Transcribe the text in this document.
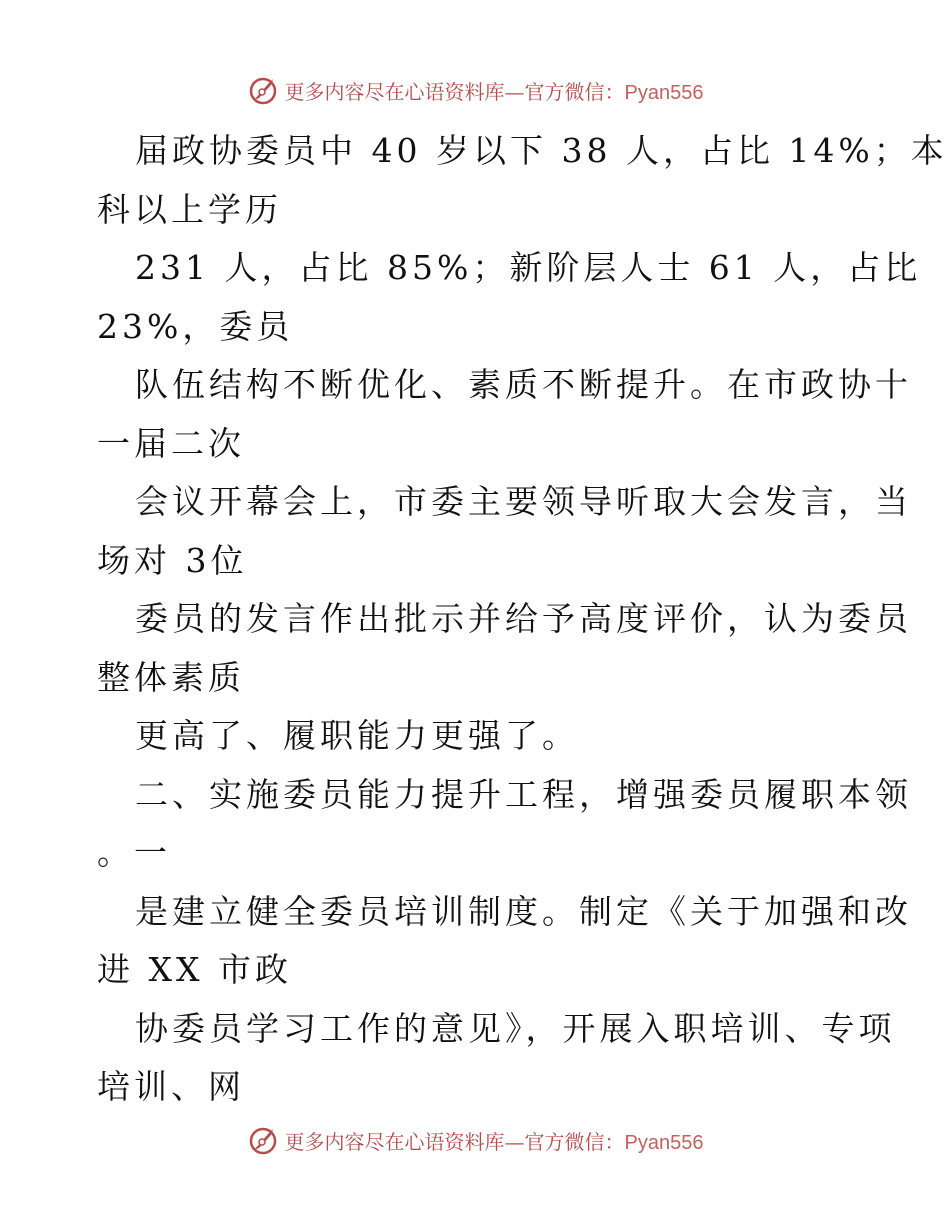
更多内容尽在心语资料库—官方微信：Pyan556
届政协委员中 40 岁以下 38 人，占比 14%；本
科以上学历
231 人，占比 85%；新阶层人士 61 人，占比
23%，委员
队伍结构不断优化、素质不断提升。在市政协十
一届二次
会议开幕会上，市委主要领导听取大会发言，当
场对 3位
委员的发言作出批示并给予高度评价，认为委员
整体素质
更高了、履职能力更强了。
二、实施委员能力提升工程，增强委员履职本领
。一
是建立健全委员培训制度。制定《关于加强和改
进 XX 市政
协委员学习工作的意见》，开展入职培训、专项
培训、网
更多内容尽在心语资料库—官方微信：Pyan556
